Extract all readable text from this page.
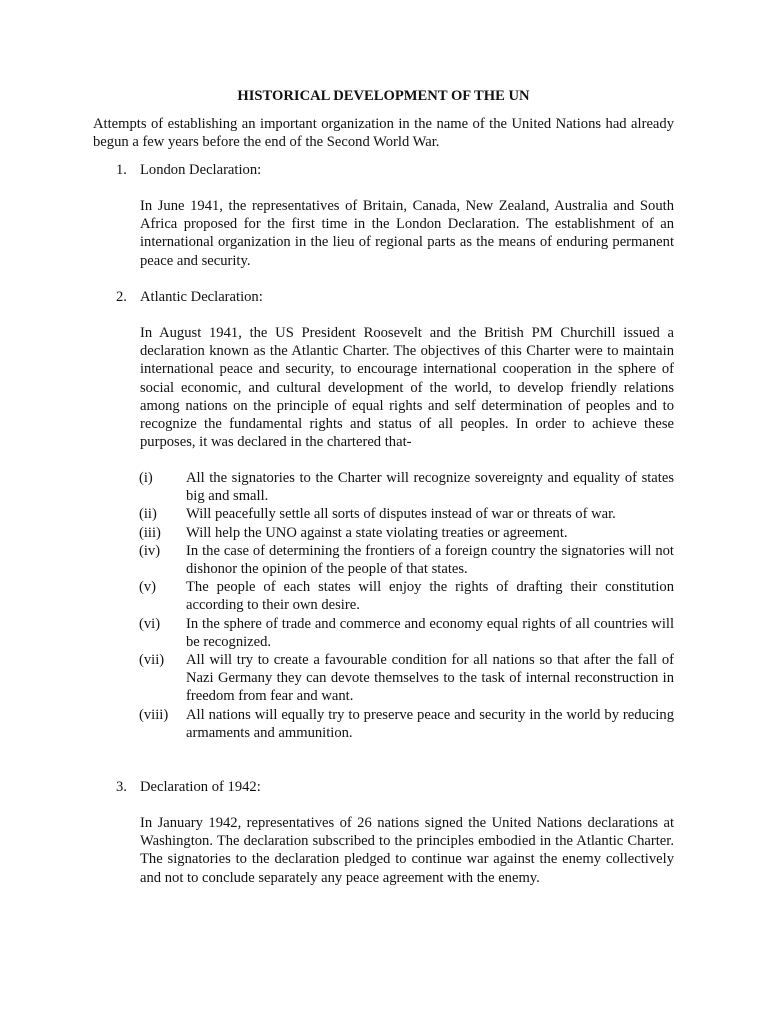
HISTORICAL DEVELOPMENT OF THE UN

Attempts of establishing an important organization in the name of the United Nations had already begun a few years before the end of the Second World War.

1. London Declaration:

In June 1941, the representatives of Britain, Canada, New Zealand, Australia and South Africa proposed for the first time in the London Declaration. The establishment of an international organization in the lieu of regional parts as the means of enduring permanent peace and security.

2. Atlantic Declaration:

In August 1941, the US President Roosevelt and the British PM Churchill issued a declaration known as the Atlantic Charter. The objectives of this Charter were to maintain international peace and security, to encourage international cooperation in the sphere of social economic, and cultural development of the world, to develop friendly relations among nations on the principle of equal rights and self determination of peoples and to recognize the fundamental rights and status of all peoples. In order to achieve these purposes, it was declared in the chartered that-

(i)	All the signatories to the Charter will recognize sovereignty and equality of states big and small.
(ii)	Will peacefully settle all sorts of disputes instead of war or threats of war.
(iii)	Will help the UNO against a state violating treaties or agreement.
(iv)	In the case of determining the frontiers of a foreign country the signatories will not dishonor the opinion of the people of that states.
(v)	The people of each states will enjoy the rights of drafting their constitution according to their own desire.
(vi)	In the sphere of trade and commerce and economy equal rights of all countries will be recognized.
(vii)	All will try to create a favourable condition for all nations so that after the fall of Nazi Germany they can devote themselves to the task of internal reconstruction in freedom from fear and want.
(viii)	All nations will equally try to preserve peace and security in the world by reducing armaments and ammunition.

3. Declaration of 1942:

In January 1942, representatives of 26 nations signed the United Nations declarations at Washington. The declaration subscribed to the principles embodied in the Atlantic Charter. The signatories to the declaration pledged to continue war against the enemy collectively and not to conclude separately any peace agreement with the enemy.
